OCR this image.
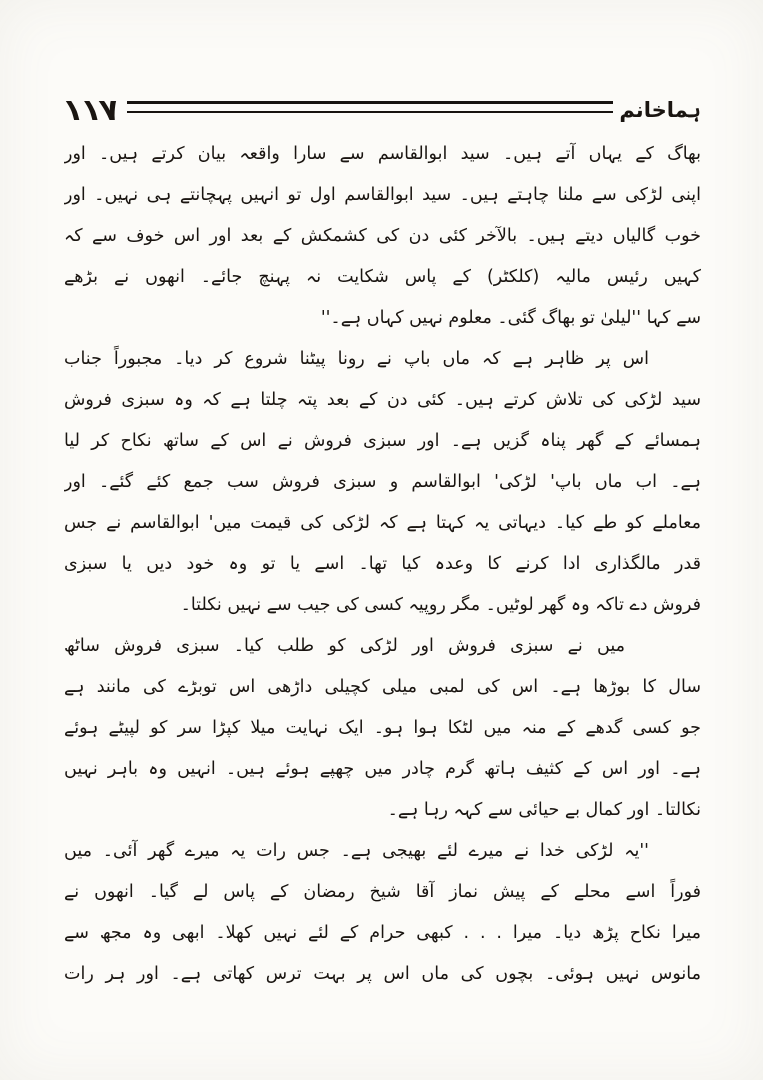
ہماخانم
۱۱۷
بھاگ کے یہاں آتے ہیں۔ سید ابوالقاسم سے سارا واقعہ بیان کرتے ہیں۔ اور
اپنی لڑکی سے ملنا چاہتے ہیں۔ سید ابوالقاسم اول تو انہیں پہچانتے ہی نہیں۔ اور
خوب گالیاں دیتے ہیں۔ بالآخر کئی دن کی کشمکش کے بعد اور اس خوف سے کہ
کہیں رئیس مالیہ (کلکٹر) کے پاس شکایت نہ پہنچ جائے۔ انھوں نے بڑھے
سے کہا ''لیلیٰ تو بھاگ گئی۔ معلوم نہیں کہاں ہے۔''
اس پر ظاہر ہے کہ ماں باپ نے رونا پیٹنا شروع کر دیا۔ مجبوراً جناب
سید لڑکی کی تلاش کرتے ہیں۔ کئی دن کے بعد پتہ چلتا ہے کہ وہ سبزی فروش
ہمسائے کے گھر پناہ گزیں ہے۔ اور سبزی فروش نے اس کے ساتھ نکاح کر لیا
ہے۔ اب ماں باپ' لڑکی' ابوالقاسم و سبزی فروش سب جمع کئے گئے۔ اور
معاملے کو طے کیا۔ دیہاتی یہ کہتا ہے کہ لڑکی کی قیمت میں' ابوالقاسم نے جس
قدر مالگذاری ادا کرنے کا وعدہ کیا تھا۔ اسے یا تو وہ خود دیں یا سبزی
فروش دے تاکہ وہ گھر لوٹیں۔ مگر روپیہ کسی کی جیب سے نہیں نکلتا۔
میں نے سبزی فروش اور لڑکی کو طلب کیا۔ سبزی فروش ساٹھ
سال کا بوڑھا ہے۔ اس کی لمبی میلی کچیلی داڑھی اس توبڑے کی مانند ہے
جو کسی گدھے کے منہ میں لٹکا ہوا ہو۔ ایک نہایت میلا کپڑا سر کو لپیٹے ہوئے
ہے۔ اور اس کے کثیف ہاتھ گرم چادر میں چھپے ہوئے ہیں۔ انہیں وہ باہر نہیں
نکالتا۔ اور کمال بے حیائی سے کہہ رہا ہے۔
''یہ لڑکی خدا نے میرے لئے بھیجی ہے۔ جس رات یہ میرے گھر آئی۔ میں
فوراً اسے محلے کے پیش نماز آقا شیخ رمضان کے پاس لے گیا۔ انھوں نے
میرا نکاح پڑھ دیا۔ میرا . . . کبھی حرام کے لئے نہیں کھلا۔ ابھی وہ مجھ سے
مانوس نہیں ہوئی۔ بچوں کی ماں اس پر بہت ترس کھاتی ہے۔ اور ہر رات
